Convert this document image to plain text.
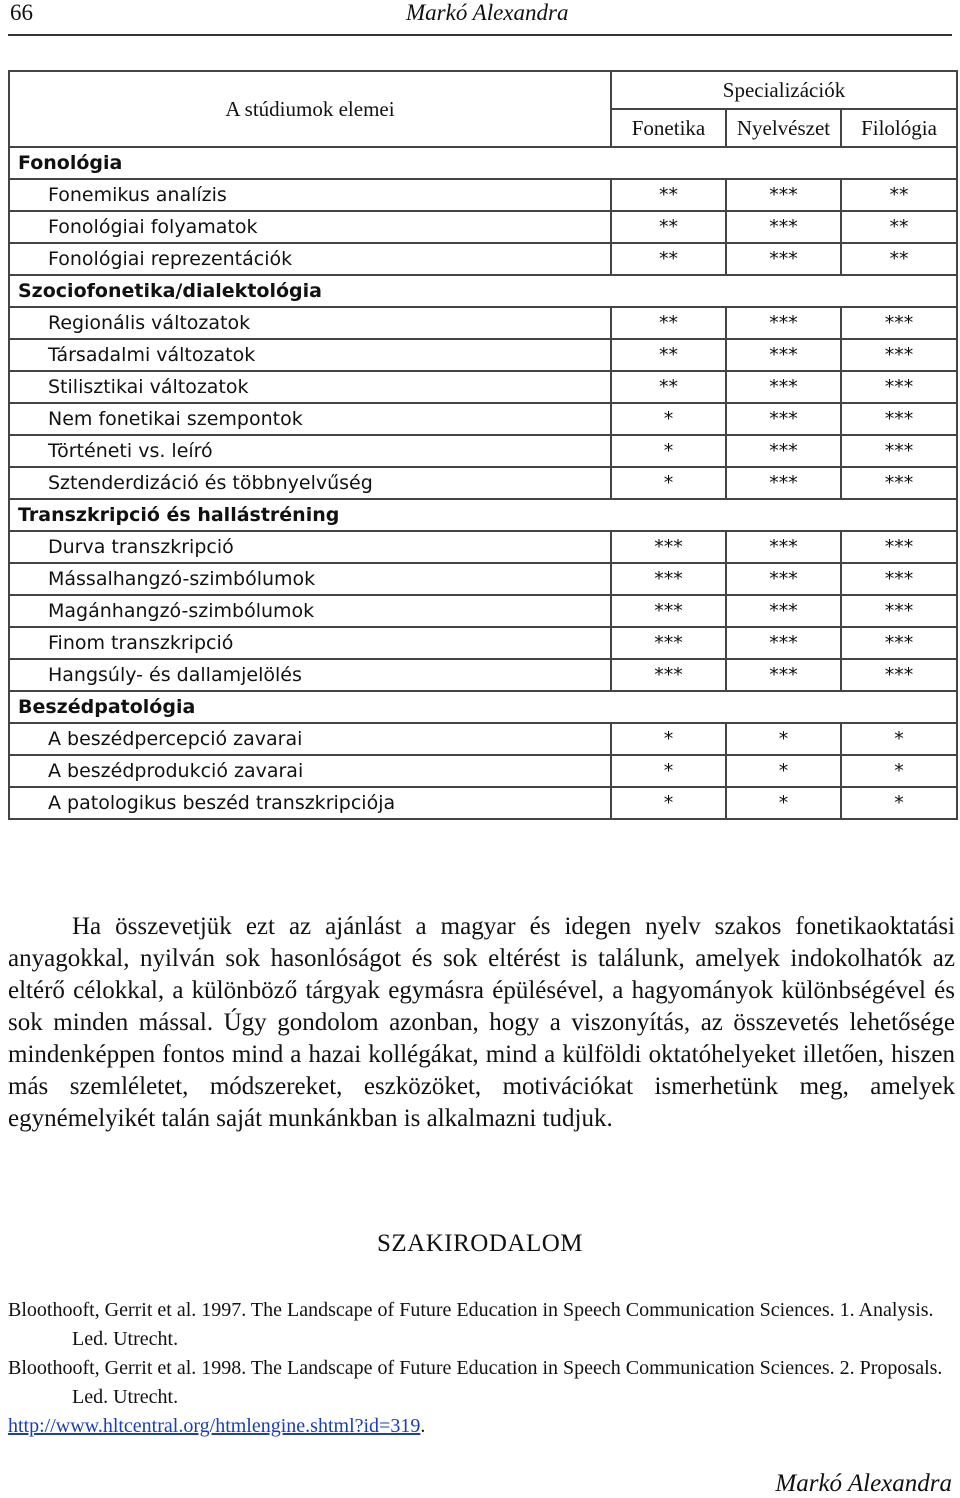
66	Markó Alexandra
A stúdiumok elemei	Specializációk		
	Fonetika	Nyelvészet	Filológia
Fonológia			
Fonemikus analízis	**	***	**
Fonológiai folyamatok	**	***	**
Fonológiai reprezentációk	**	***	**
Szociofonetika/dialektológia			
Regionális változatok	**	***	***
Társadalmi változatok	**	***	***
Stilisztikai változatok	**	***	***
Nem fonetikai szempontok	*	***	***
Történeti vs. leíró	*	***	***
Sztenderdizáció és többnyelvűség	*	***	***
Transzkripció és hallástréning			
Durva transzkripció	***	***	***
Mássalhangzó-szimbólumok	***	***	***
Magánhangzó-szimbólumok	***	***	***
Finom transzkripció	***	***	***
Hangsúly- és dallamjelölés	***	***	***
Beszédpatológia			
A beszédpercepció zavarai	*	*	*
A beszédprodukció zavarai	*	*	*
A patologikus beszéd transzkripciója	*	*	*

Ha összevetjük ezt az ajánlást a magyar és idegen nyelv szakos fonetikaoktatási anyagokkal, nyilván sok hasonlóságot és sok eltérést is találunk, amelyek indokolhatók az eltérő célokkal, a különböző tárgyak egymásra épülésével, a hagyományok különbségével és sok minden mással. Úgy gondolom azonban, hogy a viszonyítás, az összevetés lehetősége mindenképpen fontos mind a hazai kollégákat, mind a külföldi oktatóhelyeket illetően, hiszen más szemléletet, módszereket, eszközöket, motivációkat ismerhetünk meg, amelyek egynémelyikét talán saját munkánkban is alkalmazni tudjuk.

SZAKIRODALOM

Bloothooft, Gerrit et al. 1997. The Landscape of Future Education in Speech Communication Sciences. 1. Analysis. Led. Utrecht.

Bloothooft, Gerrit et al. 1998. The Landscape of Future Education in Speech Communication Sciences. 2. Proposals. Led. Utrecht.

http://www.hltcentral.org/htmlengine.shtml?id=319.

Markó Alexandra
